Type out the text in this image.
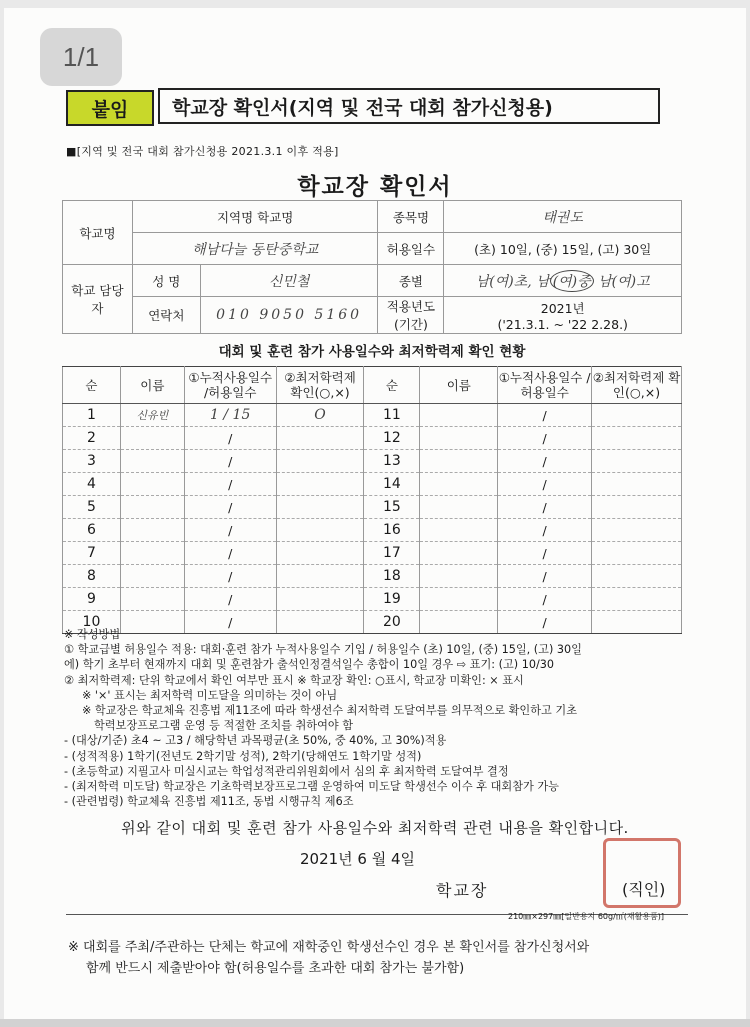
1/1
붙임	학교장 확인서(지역 및 전국 대회 참가신청용)
■[지역 및 전국 대회 참가신청용 2021.3.1 이후 적용]
학교장 확인서
학교명	지역명 학교명		종목명	태권도
	해남다늘 동탄중학교		허용일수	(초) 10일, (중) 15일, (고) 30일
학교 담당자	성 명	신민철	종별	남(여)초, 남 (여)중 남(여)고
	연락처	010 9050 5160	적용년도 (기간)	2021년
('21.3.1. ~ '22 2.28.)
대회 및 훈련 참가 사용일수와 최저학력제 확인 현황
순	이름	①누적사용일수 /허용일수	②최저학력제 확인(○,×)	순	이름	①누적사용일수 /허용일수	②최저학력제 확인(○,×)
1	신유빈	1 / 15	O	11		/	
2		/		12		/	
3		/		13		/	
4		/		14		/	
5		/		15		/	
6		/		16		/	
7		/		17		/	
8		/		18		/	
9		/		19		/	
10		/		20		/	
※ 작성방법
① 학교급별 허용일수 적용: 대회·훈련 참가 누적사용일수 기입 / 허용일수 (초) 10일, (중) 15일, (고) 30일
에) 학기 초부터 현재까지 대회 및 훈련참가 출석인정결석일수 총합이 10일 경우 ⇨ 표기: (고) 10/30
② 최저학력제: 단위 학교에서 확인 여부만 표시 ※ 학교장 확인: ○표시, 학교장 미확인: × 표시
※ '×' 표시는 최저학력 미도달을 의미하는 것이 아님
※ 학교장은 학교체육 진흥법 제11조에 따라 학생선수 최저학력 도달여부를 의무적으로 확인하고 기초
학력보장프로그램 운영 등 적절한 조치를 취하여야 함
- (대상/기준) 초4 ~ 고3 / 해당학년 과목평균(초 50%, 중 40%, 고 30%)적용
- (성적적용) 1학기(전년도 2학기말 성적), 2학기(당해연도 1학기말 성적)
- (초등학교) 지필고사 미실시교는 학업성적관리위원회에서 심의 후 최저학력 도달여부 결정
- (최저학력 미도달) 학교장은 기초학력보장프로그램 운영하여 미도달 학생선수 이수 후 대회참가 가능
- (관련법령) 학교체육 진흥법 제11조, 동법 시행규칙 제6조
위와 같이 대회 및 훈련 참가 사용일수와 최저학력 관련 내용을 확인합니다.
2021년 6 월 4일
학교장	(직인)
210㎜×297㎜[일반용지 60g/㎡(재활용품)]
※ 대회를 주최/주관하는 단체는 학교에 재학중인 학생선수인 경우 본 확인서를 참가신청서와
함께 반드시 제출받아야 함(허용일수를 초과한 대회 참가는 불가함)
